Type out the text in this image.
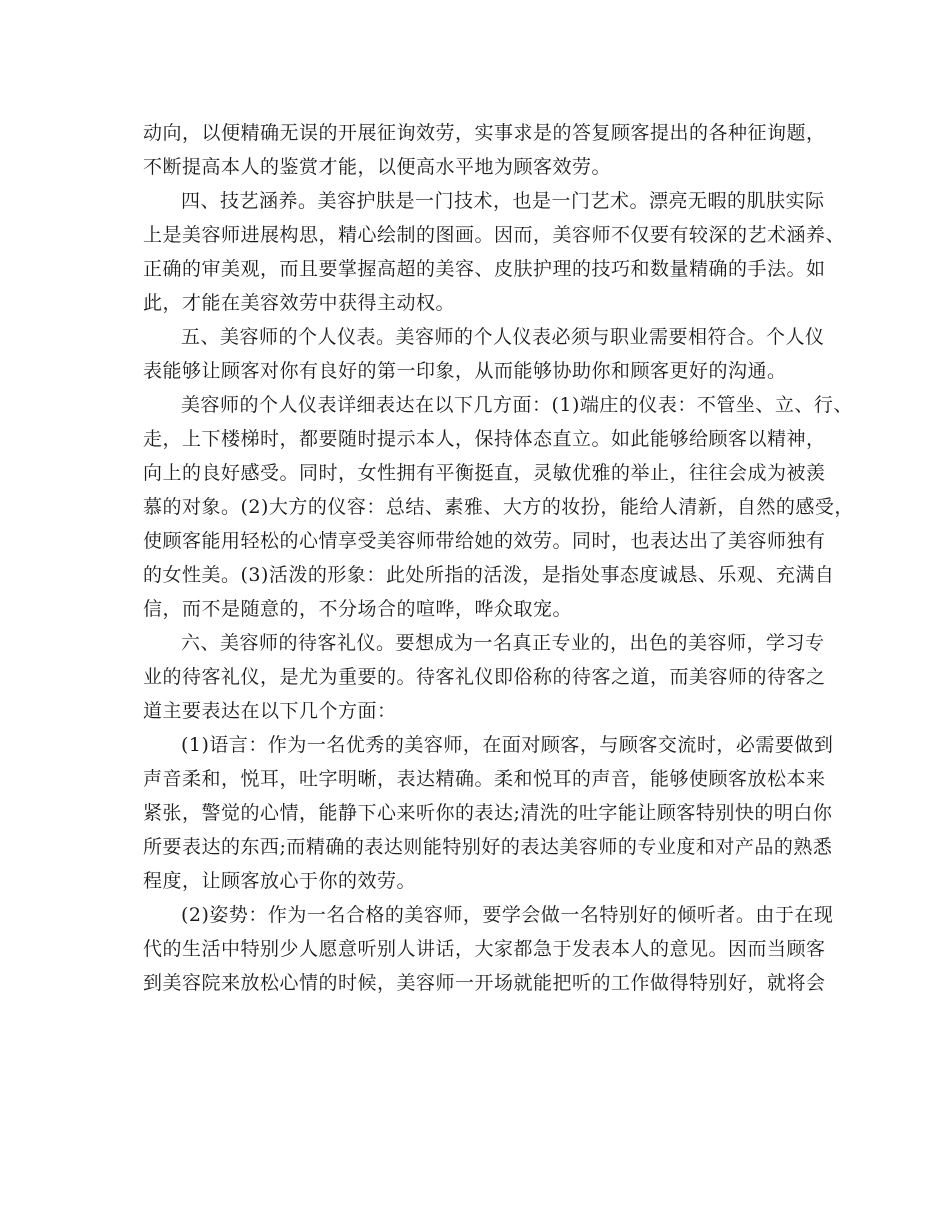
动向，以便精确无误的开展征询效劳，实事求是的答复顾客提出的各种征询题，
不断提高本人的鉴赏才能，以便高水平地为顾客效劳。
四、技艺涵养。美容护肤是一门技术，也是一门艺术。漂亮无暇的肌肤实际
上是美容师进展构思，精心绘制的图画。因而，美容师不仅要有较深的艺术涵养、
正确的审美观，而且要掌握高超的美容、皮肤护理的技巧和数量精确的手法。如
此，才能在美容效劳中获得主动权。
五、美容师的个人仪表。美容师的个人仪表必须与职业需要相符合。个人仪
表能够让顾客对你有良好的第一印象，从而能够协助你和顾客更好的沟通。
美容师的个人仪表详细表达在以下几方面：(1)端庄的仪表：不管坐、立、行、
走，上下楼梯时，都要随时提示本人，保持体态直立。如此能够给顾客以精神，
向上的良好感受。同时，女性拥有平衡挺直，灵敏优雅的举止，往往会成为被羡
慕的对象。(2)大方的仪容：总结、素雅、大方的妆扮，能给人清新，自然的感受，
使顾客能用轻松的心情享受美容师带给她的效劳。同时，也表达出了美容师独有
的女性美。(3)活泼的形象：此处所指的活泼，是指处事态度诚恳、乐观、充满自
信，而不是随意的，不分场合的喧哗，哗众取宠。
六、美容师的待客礼仪。要想成为一名真正专业的，出色的美容师，学习专
业的待客礼仪，是尤为重要的。待客礼仪即俗称的待客之道，而美容师的待客之
道主要表达在以下几个方面：
(1)语言：作为一名优秀的美容师，在面对顾客，与顾客交流时，必需要做到
声音柔和，悦耳，吐字明晰，表达精确。柔和悦耳的声音，能够使顾客放松本来
紧张，警觉的心情，能静下心来听你的表达;清洗的吐字能让顾客特别快的明白你
所要表达的东西;而精确的表达则能特别好的表达美容师的专业度和对产品的熟悉
程度，让顾客放心于你的效劳。
(2)姿势：作为一名合格的美容师，要学会做一名特别好的倾听者。由于在现
代的生活中特别少人愿意听别人讲话，大家都急于发表本人的意见。因而当顾客
到美容院来放松心情的时候，美容师一开场就能把听的工作做得特别好，就将会
